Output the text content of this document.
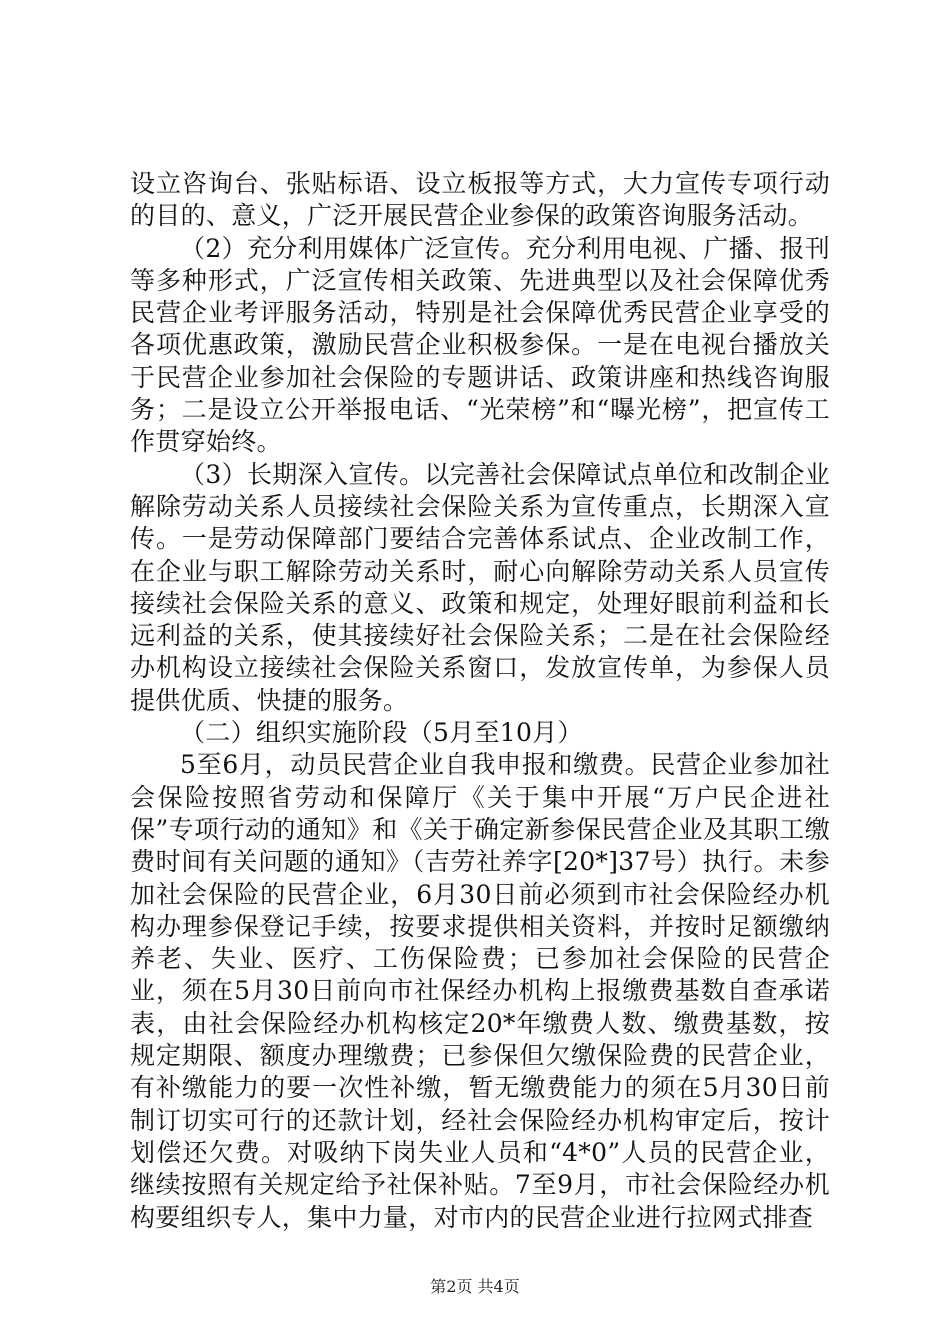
设立咨询台、张贴标语、设立板报等方式，大力宣传专项行动的目的、意义，广泛开展民营企业参保的政策咨询服务活动。

（2）充分利用媒体广泛宣传。充分利用电视、广播、报刊等多种形式，广泛宣传相关政策、先进典型以及社会保障优秀民营企业考评服务活动，特别是社会保障优秀民营企业享受的各项优惠政策，激励民营企业积极参保。一是在电视台播放关于民营企业参加社会保险的专题讲话、政策讲座和热线咨询服务；二是设立公开举报电话、“光荣榜”和“曝光榜”，把宣传工作贯穿始终。

（3）长期深入宣传。以完善社会保障试点单位和改制企业解除劳动关系人员接续社会保险关系为宣传重点，长期深入宣传。一是劳动保障部门要结合完善体系试点、企业改制工作，在企业与职工解除劳动关系时，耐心向解除劳动关系人员宣传接续社会保险关系的意义、政策和规定，处理好眼前利益和长远利益的关系，使其接续好社会保险关系；二是在社会保险经办机构设立接续社会保险关系窗口，发放宣传单，为参保人员提供优质、快捷的服务。

（二）组织实施阶段（5月至10月）

5至6月，动员民营企业自我申报和缴费。民营企业参加社会保险按照省劳动和保障厅《关于集中开展“万户民企进社保”专项行动的通知》和《关于确定新参保民营企业及其职工缴费时间有关问题的通知》（吉劳社养字[20*]37号）执行。未参加社会保险的民营企业，6月30日前必须到市社会保险经办机构办理参保登记手续，按要求提供相关资料，并按时足额缴纳养老、失业、医疗、工伤保险费；已参加社会保险的民营企业，须在5月30日前向市社保经办机构上报缴费基数自查承诺表，由社会保险经办机构核定20*年缴费人数、缴费基数，按规定期限、额度办理缴费；已参保但欠缴保险费的民营企业，有补缴能力的要一次性补缴，暂无缴费能力的须在5月30日前制订切实可行的还款计划，经社会保险经办机构审定后，按计划偿还欠费。对吸纳下岗失业人员和“4*0”人员的民营企业，继续按照有关规定给予社保补贴。7至9月，市社会保险经办机构要组织专人，集中力量，对市内的民营企业进行拉网式排查

第2页 共4页
